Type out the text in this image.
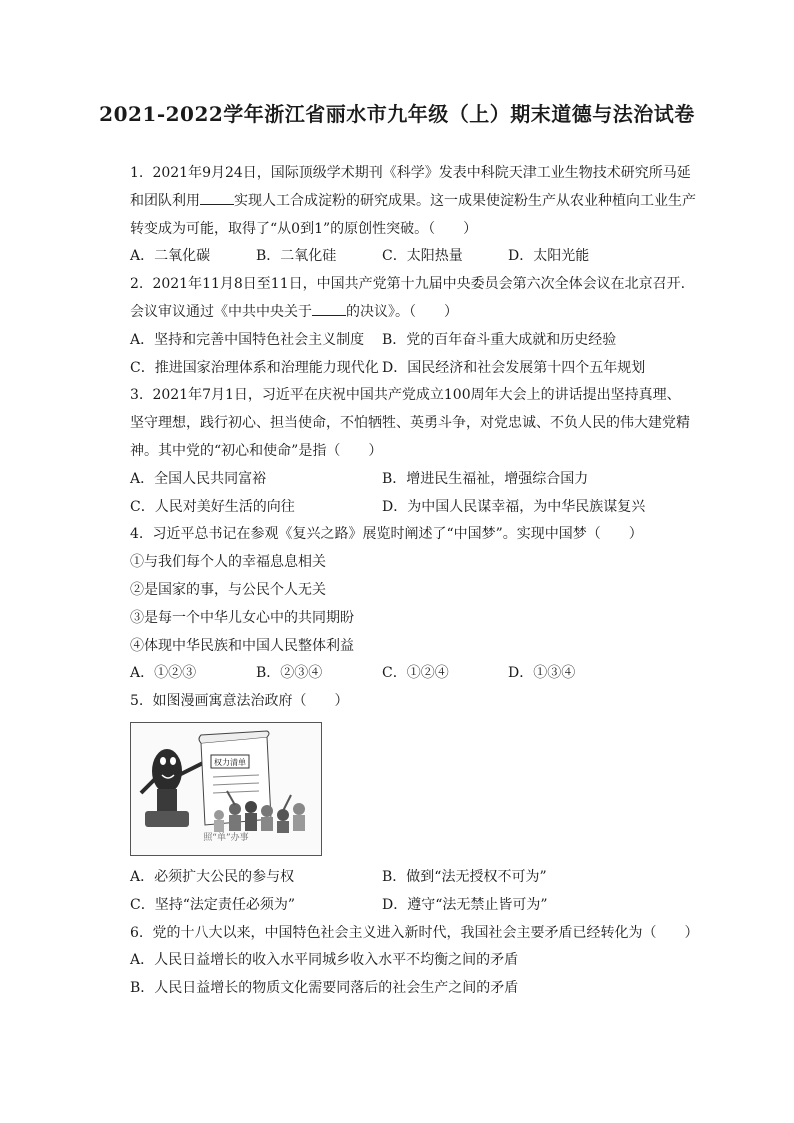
2021-2022学年浙江省丽水市九年级（上）期末道德与法治试卷
1. 2021年9月24日，国际顶级学术期刊《科学》发表中科院天津工业生物技术研究所马延
和团队利用 实现人工合成淀粉的研究成果。这一成果使淀粉生产从农业种植向工业生产
转变成为可能，取得了“从0到1”的原创性突破。（　　）
A．二氧化碳	B．二氧化硅	C．太阳热量	D．太阳光能
2. 2021年11月8日至11日，中国共产党第十九届中央委员会第六次全体会议在北京召开.
会议审议通过《中共中央关于 的决议》。（　　）
A．坚持和完善中国特色社会主义制度	B．党的百年奋斗重大成就和历史经验
C．推进国家治理体系和治理能力现代化 D．国民经济和社会发展第十四个五年规划
3. 2021年7月1日，习近平在庆祝中国共产党成立100周年大会上的讲话提出坚持真理、
坚守理想，践行初心、担当使命，不怕牺牲、英勇斗争，对党忠诚、不负人民的伟大建党精
神。其中党的“初心和使命”是指（　　）
A．全国人民共同富裕	B．增进民生福祉，增强综合国力
C．人民对美好生活的向往	D．为中国人民谋幸福，为中华民族谋复兴
4. 习近平总书记在参观《复兴之路》展览时阐述了“中国梦”。实现中国梦（　　）
①与我们每个人的幸福息息相关
②是国家的事，与公民个人无关
③是每一个中华儿女心中的共同期盼
④体现中华民族和中国人民整体利益
A．①②③	B．②③④	C．①②④	D．①③④
5. 如图漫画寓意法治政府（　　）
权力清单
照“单”办事
A．必须扩大公民的参与权	B．做到“法无授权不可为”
C．坚持“法定责任必须为”	D．遵守“法无禁止皆可为”
6. 党的十八大以来，中国特色社会主义进入新时代，我国社会主要矛盾已经转化为（　　）
A．人民日益增长的收入水平同城乡收入水平不均衡之间的矛盾
B．人民日益增长的物质文化需要同落后的社会生产之间的矛盾
